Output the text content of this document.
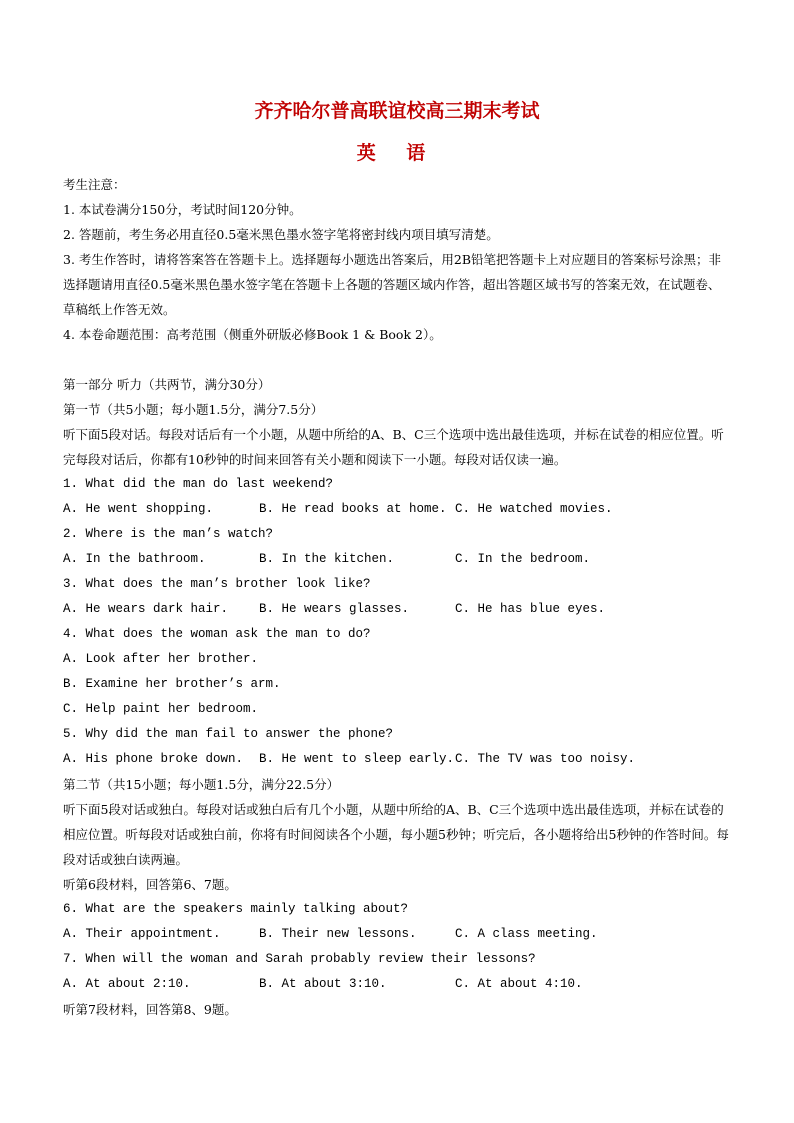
齐齐哈尔普高联谊校高三期末考试
英 语
考生注意：
1. 本试卷满分150分，考试时间120分钟。
2. 答题前，考生务必用直径0.5毫米黑色墨水签字笔将密封线内项目填写清楚。
3. 考生作答时，请将答案答在答题卡上。选择题每小题选出答案后，用2B铅笔把答题卡上对应题目的答案标号涂黑；非选择题请用直径0.5毫米黑色墨水签字笔在答题卡上各题的答题区域内作答，超出答题区域书写的答案无效，在试题卷、草稿纸上作答无效。
4. 本卷命题范围：高考范围（侧重外研版必修Book 1 & Book 2）。
第一部分 听力（共两节，满分30分）
第一节（共5小题；每小题1.5分，满分7.5分）
听下面5段对话。每段对话后有一个小题，从题中所给的A、B、C三个选项中选出最佳选项，并标在试卷的相应位置。听完每段对话后，你都有10秒钟的时间来回答有关小题和阅读下一小题。每段对话仅读一遍。
1. What did the man do last weekend?
A. He went shopping.	B. He read books at home. C. He watched movies.
2. Where is the man’s watch?
A. In the bathroom.	B. In the kitchen.	C. In the bedroom.
3. What does the man’s brother look like?
A. He wears dark hair.	B. He wears glasses.	C. He has blue eyes.
4. What does the woman ask the man to do?
A. Look after her brother.
B. Examine her brother’s arm.
C. Help paint her bedroom.
5. Why did the man fail to answer the phone?
A. His phone broke down.	B. He went to sleep early. C. The TV was too noisy.
第二节（共15小题；每小题1.5分，满分22.5分）
听下面5段对话或独白。每段对话或独白后有几个小题，从题中所给的A、B、C三个选项中选出最佳选项，并标在试卷的相应位置。听每段对话或独白前，你将有时间阅读各个小题，每小题5秒钟；听完后，各小题将给出5秒钟的作答时间。每段对话或独白读两遍。
听第6段材料，回答第6、7题。
6. What are the speakers mainly talking about?
A. Their appointment.	B. Their new lessons.	C. A class meeting.
7. When will the woman and Sarah probably review their lessons?
A. At about 2:10.	B. At about 3:10.	C. At about 4:10.
听第7段材料，回答第8、9题。
